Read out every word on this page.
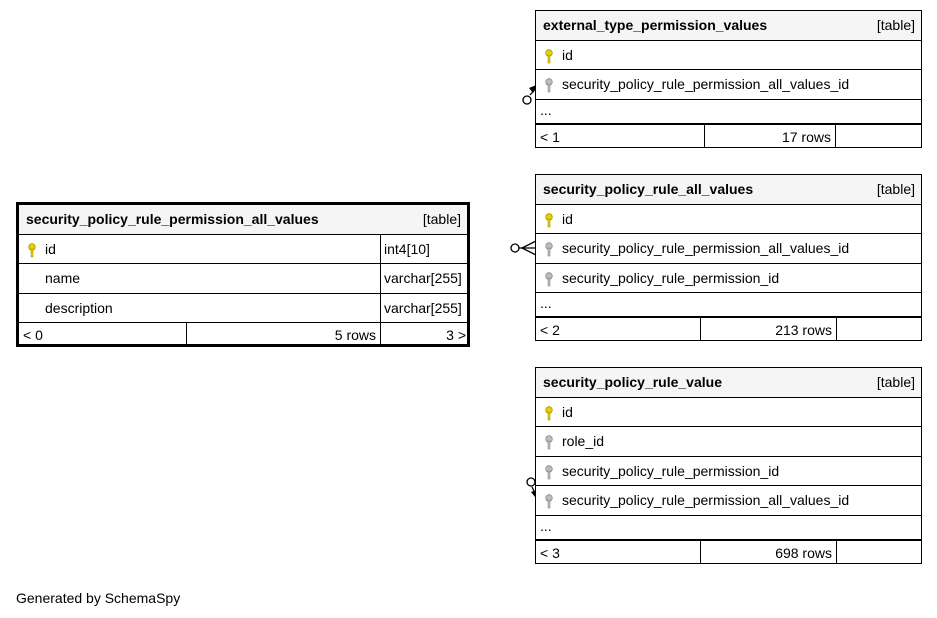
security_policy_rule_permission_all_values	[table]
id	int4[10]
name	varchar[255]
description	varchar[255]
< 0	5 rows	3 >
external_type_permission_values	[table]
id
security_policy_rule_permission_all_values_id
...
< 1	17 rows
security_policy_rule_all_values	[table]
id
security_policy_rule_permission_all_values_id
security_policy_rule_permission_id
...
< 2	213 rows
security_policy_rule_value	[table]
id
role_id
security_policy_rule_permission_id
security_policy_rule_permission_all_values_id
...
< 3	698 rows
Generated by SchemaSpy
